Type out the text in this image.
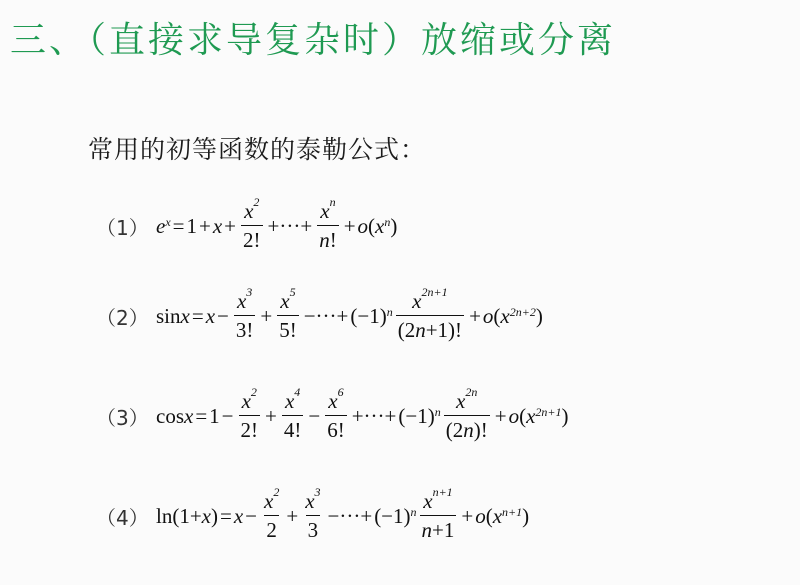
三、（直接求导复杂时）放缩或分离
常用的初等函数的泰勒公式：
（1） $e^x = 1 + x + \frac{x^2}{2!}$ +···+ $\frac{x^n}{n!} + o$ ( $x^n$ )
（2） $\sin x = x - \frac{x^3}{3!} + \frac{x^5}{5!}$ −···+ $(-1)^n \frac{x^{2n+1}}{(2n+1)!} + o$ ( $x^{2n+2}$ )
（3） $\cos x = 1 - \frac{x^2}{2!} + \frac{x^4}{4!} - \frac{x^6}{6!}$ +···+ $(-1)^n \frac{x^{2n}}{(2n)!} + o$ ( $x^{2n+1}$ )
（4） ln(1+ x ) = $x - \frac{x^2}{2} + \frac{x^3}{3}$ −···+ $(-1)^n \frac{x^{n+1}}{n+1} + o$ ( $x^{n+1}$ )
